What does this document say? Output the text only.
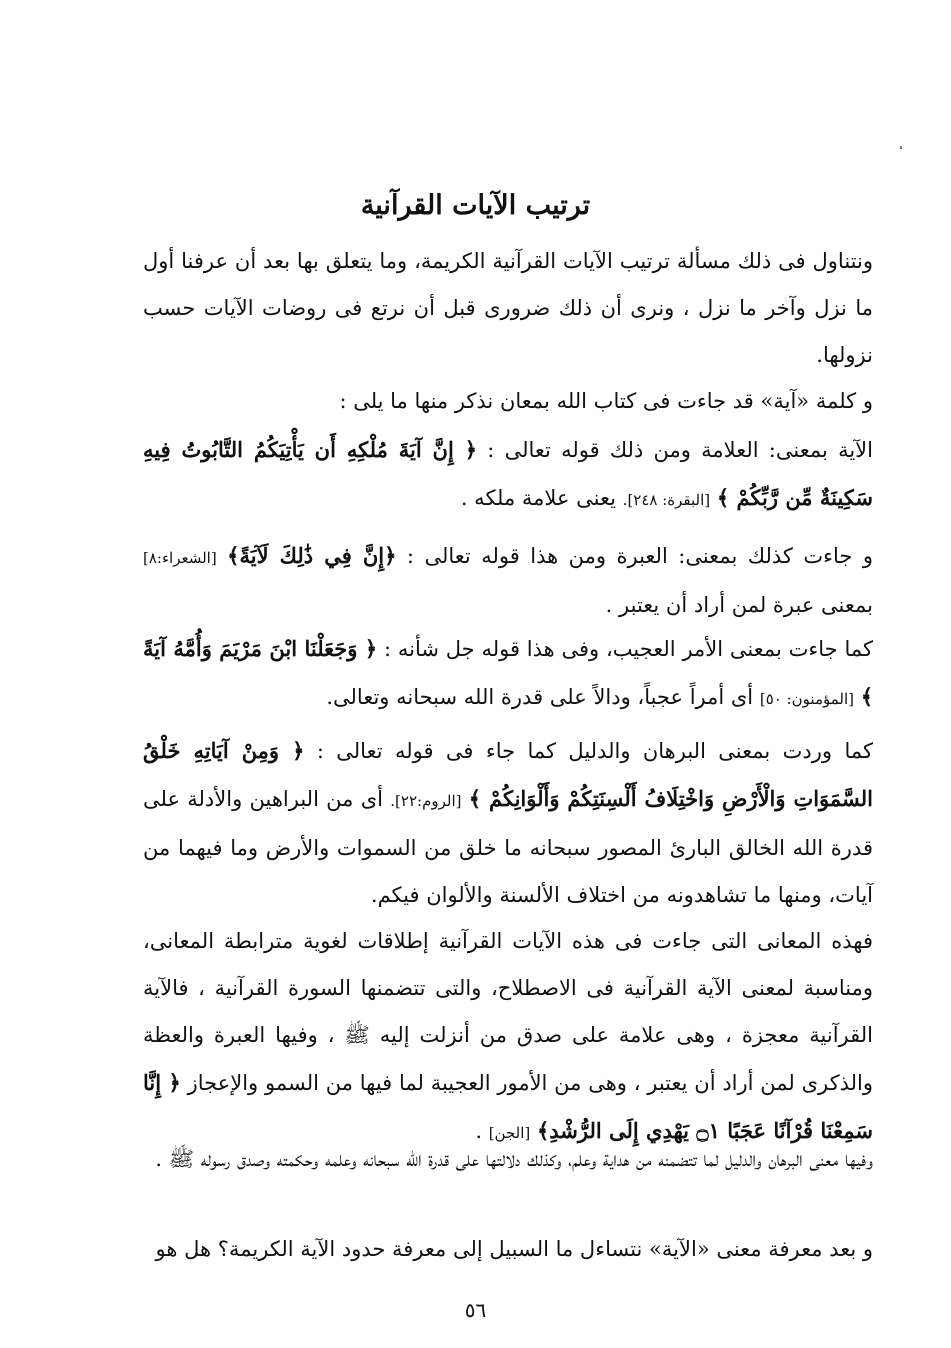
ترتيب الآيات القرآنية

ونتناول فى ذلك مسألة ترتيب الآيات القرآنية الكريمة، وما يتعلق بها بعد أن عرفنا أول ما نزل وآخر ما نزل ، ونرى أن ذلك ضرورى قبل أن نرتع فى روضات الآيات حسب نزولها.

و كلمة «آية» قد جاءت فى كتاب الله بمعان نذكر منها ما يلى :

الآية بمعنى: العلامة ومن ذلك قوله تعالى : ﴿ إِنَّ آيَةَ مُلْكِهِ أَن يَأْتِيَكُمُ التَّابُوتُ فِيهِ سَكِينَةٌ مِّن رَّبِّكُمْ ﴾ [البقرة: ٢٤٨]. يعنى علامة ملكه .

و جاءت كذلك بمعنى: العبرة ومن هذا قوله تعالى : ﴿إِنَّ فِي ذَٰلِكَ لَآيَةً﴾ [الشعراء:٨] بمعنى عبرة لمن أراد أن يعتبر .

كما جاءت بمعنى الأمر العجيب، وفى هذا قوله جل شأنه : ﴿ وَجَعَلْنَا ابْنَ مَرْيَمَ وَأُمَّهُ آيَةً ﴾ [المؤمنون: ٥٠] أى أمراً عجباً، ودالاً على قدرة الله سبحانه وتعالى.

كما وردت بمعنى البرهان والدليل كما جاء فى قوله تعالى : ﴿ وَمِنْ آيَاتِهِ خَلْقُ السَّمَوَاتِ وَالْأَرْضِ وَاخْتِلَافُ أَلْسِنَتِكُمْ وَأَلْوَانِكُمْ ﴾ [الروم:٢٢]. أى من البراهين والأدلة على قدرة الله الخالق البارئ المصور سبحانه ما خلق من السموات والأرض وما فيهما من آيات، ومنها ما تشاهدونه من اختلاف الألسنة والألوان فيكم.

فهذه المعانى التى جاءت فى هذه الآيات القرآنية إطلاقات لغوية مترابطة المعانى، ومناسبة لمعنى الآية القرآنية فى الاصطلاح، والتى تتضمنها السورة القرآنية ، فالآية القرآنية معجزة ، وهى علامة على صدق من أنزلت إليه ﷺ ، وفيها العبرة والعظة والذكرى لمن أراد أن يعتبر ، وهى من الأمور العجيبة لما فيها من السمو والإعجاز ﴿ إِنَّا سَمِعْنَا قُرْآنًا عَجَبًا ۝١ يَهْدِي إِلَى الرُّشْدِ﴾ [الجن] .

وفيها معنى البرهان والدليل لما تتضمنه من هداية وعلم، وكذلك دلالتها على قدرة الله سبحانه وعلمه وحكمته وصدق رسوله ﷺ .

و بعد معرفة معنى «الآية» نتساءل ما السبيل إلى معرفة حدود الآية الكريمة؟ هل هو

٥٦
